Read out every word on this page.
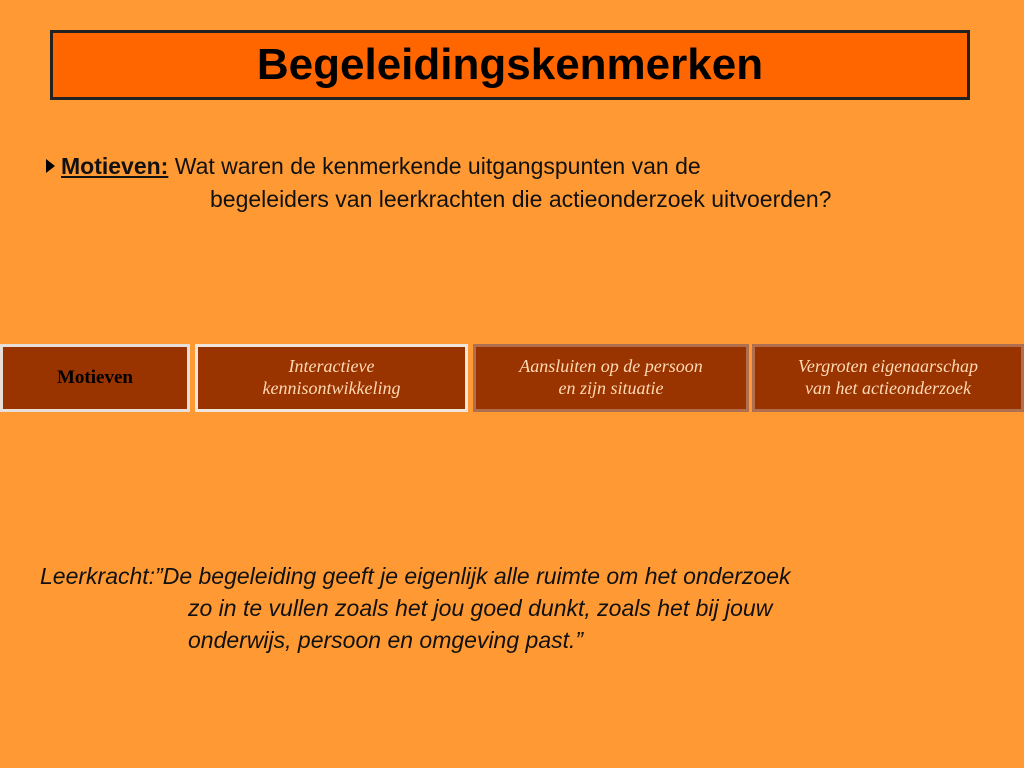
Begeleidingskenmerken
Motieven: Wat waren de kenmerkende uitgangspunten van de
begeleiders van leerkrachten die actieonderzoek uitvoerden?
Motieven
Interactieve
kennisontwikkeling
Aansluiten op de persoon
en zijn situatie
Vergroten eigenaarschap
van het actieonderzoek
Leerkracht:”De begeleiding geeft je eigenlijk alle ruimte om het onderzoek
zo in te vullen zoals het jou goed dunkt, zoals het bij jouw
onderwijs, persoon en omgeving past.”
